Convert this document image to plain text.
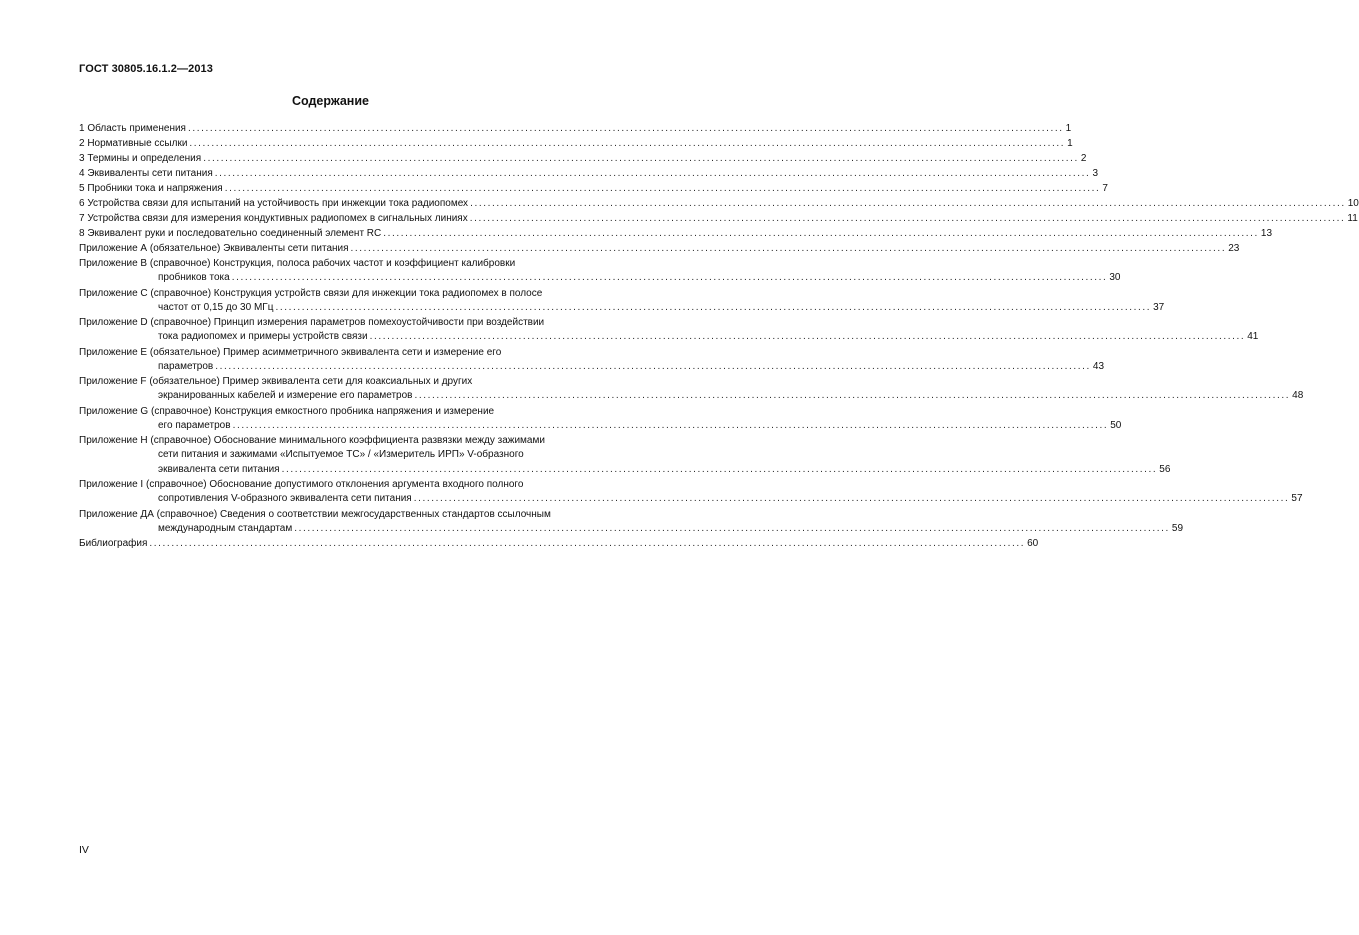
ГОСТ 30805.16.1.2—2013
Содержание
1 Область применения ........................................................................................................................................................................................................ 1
2 Нормативные ссылки ........................................................................................................................................................................................................ 1
3 Термины и определения ........................................................................................................................................................................................................ 2
4 Эквиваленты сети питания ........................................................................................................................................................................................................ 3
5 Пробники тока и напряжения ........................................................................................................................................................................................................ 7
6 Устройства связи для испытаний на устойчивость при инжекции тока радиопомех ........................................................................................................................................................................................................ 10
7 Устройства связи для измерения кондуктивных радиопомех в сигнальных линиях ........................................................................................................................................................................................................ 11
8 Эквивалент руки и последовательно соединенный элемент RC ........................................................................................................................................................................................................ 13
Приложение А (обязательное) Эквиваленты сети питания ........................................................................................................................................................................................................ 23
Приложение В (справочное) Конструкция, полоса рабочих частот и коэффициент калибровки
пробников тока ........................................................................................................................................................................................................ 30
Приложение С (справочное) Конструкция устройств связи для инжекции тока радиопомех в полосе
частот от 0,15 до 30 МГц ........................................................................................................................................................................................................ 37
Приложение D (справочное) Принцип измерения параметров помехоустойчивости при воздействии
тока радиопомех и примеры устройств связи ........................................................................................................................................................................................................ 41
Приложение Е (обязательное) Пример асимметричного эквивалента сети и измерение его
параметров ........................................................................................................................................................................................................ 43
Приложение F (обязательное) Пример эквивалента сети для коаксиальных и других
экранированных кабелей и измерение его параметров ........................................................................................................................................................................................................ 48
Приложение G (справочное) Конструкция емкостного пробника напряжения и измерение
его параметров ........................................................................................................................................................................................................ 50
Приложение Н (справочное) Обоснование минимального коэффициента развязки между зажимами
сети питания и зажимами «Испытуемое ТС» / «Измеритель ИРП» V-образного
эквивалента сети питания ........................................................................................................................................................................................................ 56
Приложение I (справочное) Обоснование допустимого отклонения аргумента входного полного
сопротивления V-образного эквивалента сети питания ........................................................................................................................................................................................................ 57
Приложение ДА (справочное) Сведения о соответствии межгосударственных стандартов ссылочным
международным стандартам ........................................................................................................................................................................................................ 59
Библиография ........................................................................................................................................................................................................ 60
IV
